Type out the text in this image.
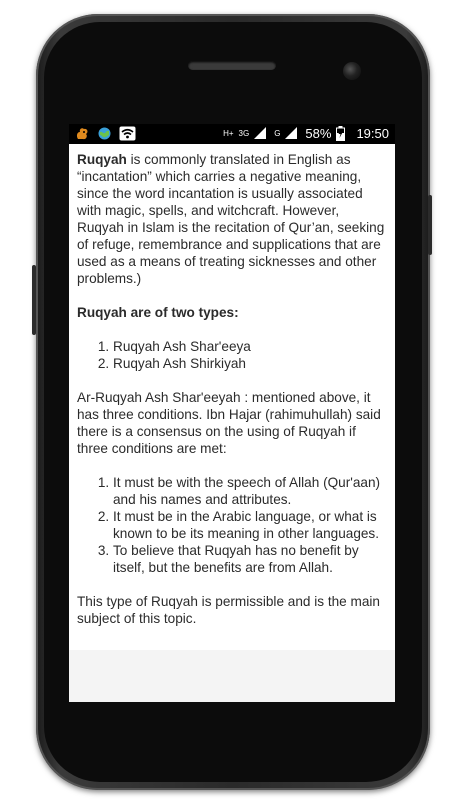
H+ 3G	G 58% 19:50

Ruqyah is commonly translated in English as “incantation” which carries a negative meaning, since the word incantation is usually associated with magic, spells, and witchcraft. However, Ruqyah in Islam is the recitation of Qur’an, seeking of refuge, remembrance and supplications that are used as a means of treating sicknesses and other problems.)

Ruqyah are of two types:

1. Ruqyah Ash Shar'eeya
2. Ruqyah Ash Shirkiyah

Ar-Ruqyah Ash Shar'eeyah : mentioned above, it has three conditions. Ibn Hajar (rahimuhullah) said there is a consensus on the using of Ruqyah if three conditions are met:

1. It must be with the speech of Allah (Qur'aan) and his names and attributes.
2. It must be in the Arabic language, or what is known to be its meaning in other languages.
3. To believe that Ruqyah has no benefit by itself, but the benefits are from Allah.

This type of Ruqyah is permissible and is the main subject of this topic.
